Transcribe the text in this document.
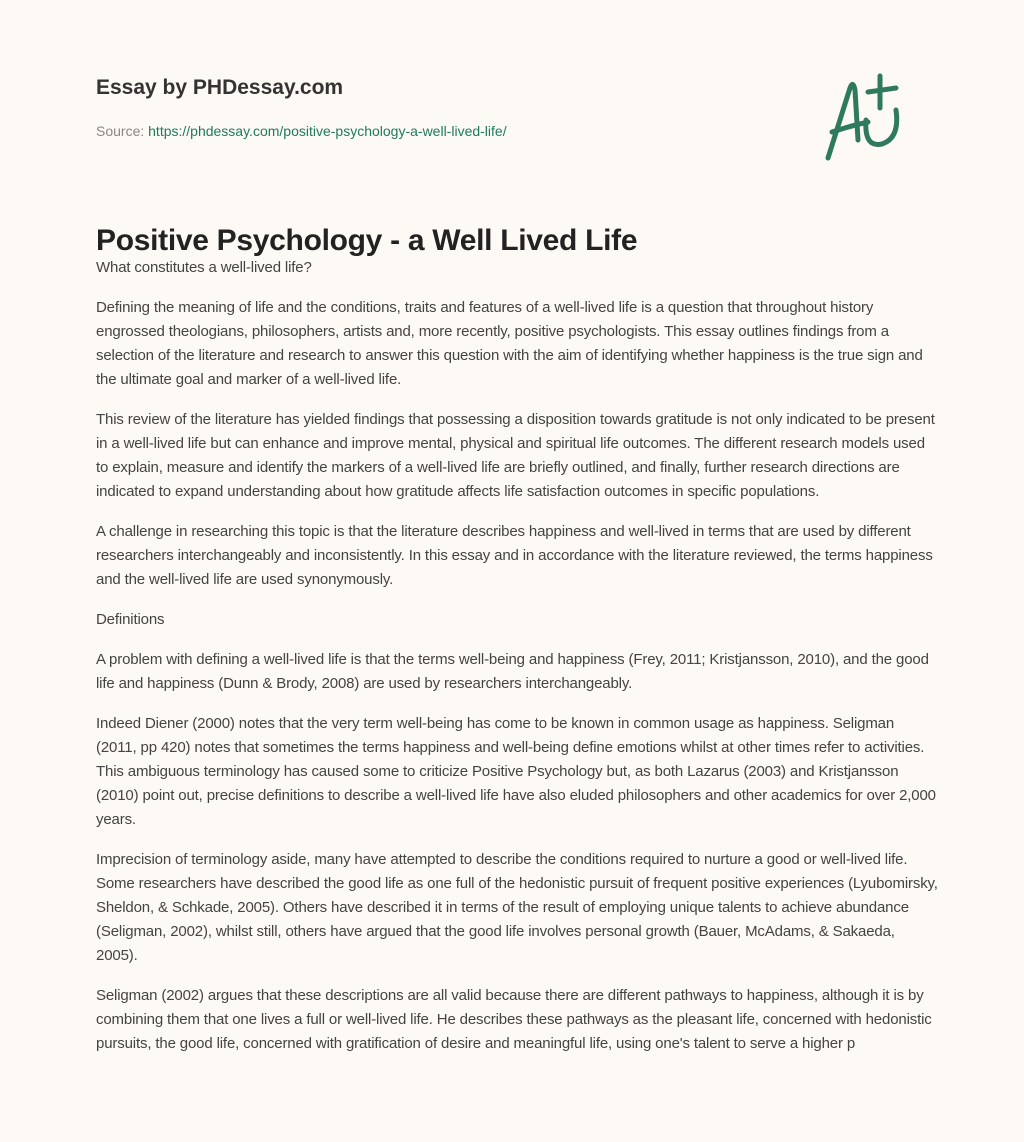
Essay by PHDessay.com

Source: https://phdessay.com/positive-psychology-a-well-lived-life/
Positive Psychology - a Well Lived Life

What constitutes a well-lived life?

Defining the meaning of life and the conditions, traits and features of a well-lived life is a question that throughout history engrossed theologians, philosophers, artists and, more recently, positive psychologists. This essay outlines findings from a selection of the literature and research to answer this question with the aim of identifying whether happiness is the true sign and the ultimate goal and marker of a well-lived life.

This review of the literature has yielded findings that possessing a disposition towards gratitude is not only indicated to be present in a well-lived life but can enhance and improve mental, physical and spiritual life outcomes. The different research models used to explain, measure and identify the markers of a well-lived life are briefly outlined, and finally, further research directions are indicated to expand understanding about how gratitude affects life satisfaction outcomes in specific populations.

A challenge in researching this topic is that the literature describes happiness and well-lived in terms that are used by different researchers interchangeably and inconsistently. In this essay and in accordance with the literature reviewed, the terms happiness and the well-lived life are used synonymously.

Definitions

A problem with defining a well-lived life is that the terms well-being and happiness (Frey, 2011; Kristjansson, 2010), and the good life and happiness (Dunn & Brody, 2008) are used by researchers interchangeably.

Indeed Diener (2000) notes that the very term well-being has come to be known in common usage as happiness. Seligman (2011, pp 420) notes that sometimes the terms happiness and well-being define emotions whilst at other times refer to activities. This ambiguous terminology has caused some to criticize Positive Psychology but, as both Lazarus (2003) and Kristjansson (2010) point out, precise definitions to describe a well-lived life have also eluded philosophers and other academics for over 2,000 years.

Imprecision of terminology aside, many have attempted to describe the conditions required to nurture a good or well-lived life. Some researchers have described the good life as one full of the hedonistic pursuit of frequent positive experiences (Lyubomirsky, Sheldon, & Schkade, 2005). Others have described it in terms of the result of employing unique talents to achieve abundance (Seligman, 2002), whilst still, others have argued that the good life involves personal growth (Bauer, McAdams, & Sakaeda, 2005).

Seligman (2002) argues that these descriptions are all valid because there are different pathways to happiness, although it is by combining them that one lives a full or well-lived life. He describes these pathways as the pleasant life, concerned with hedonistic pursuits, the good life, concerned with gratification of desire and meaningful life, using one's talent to serve a higher p
